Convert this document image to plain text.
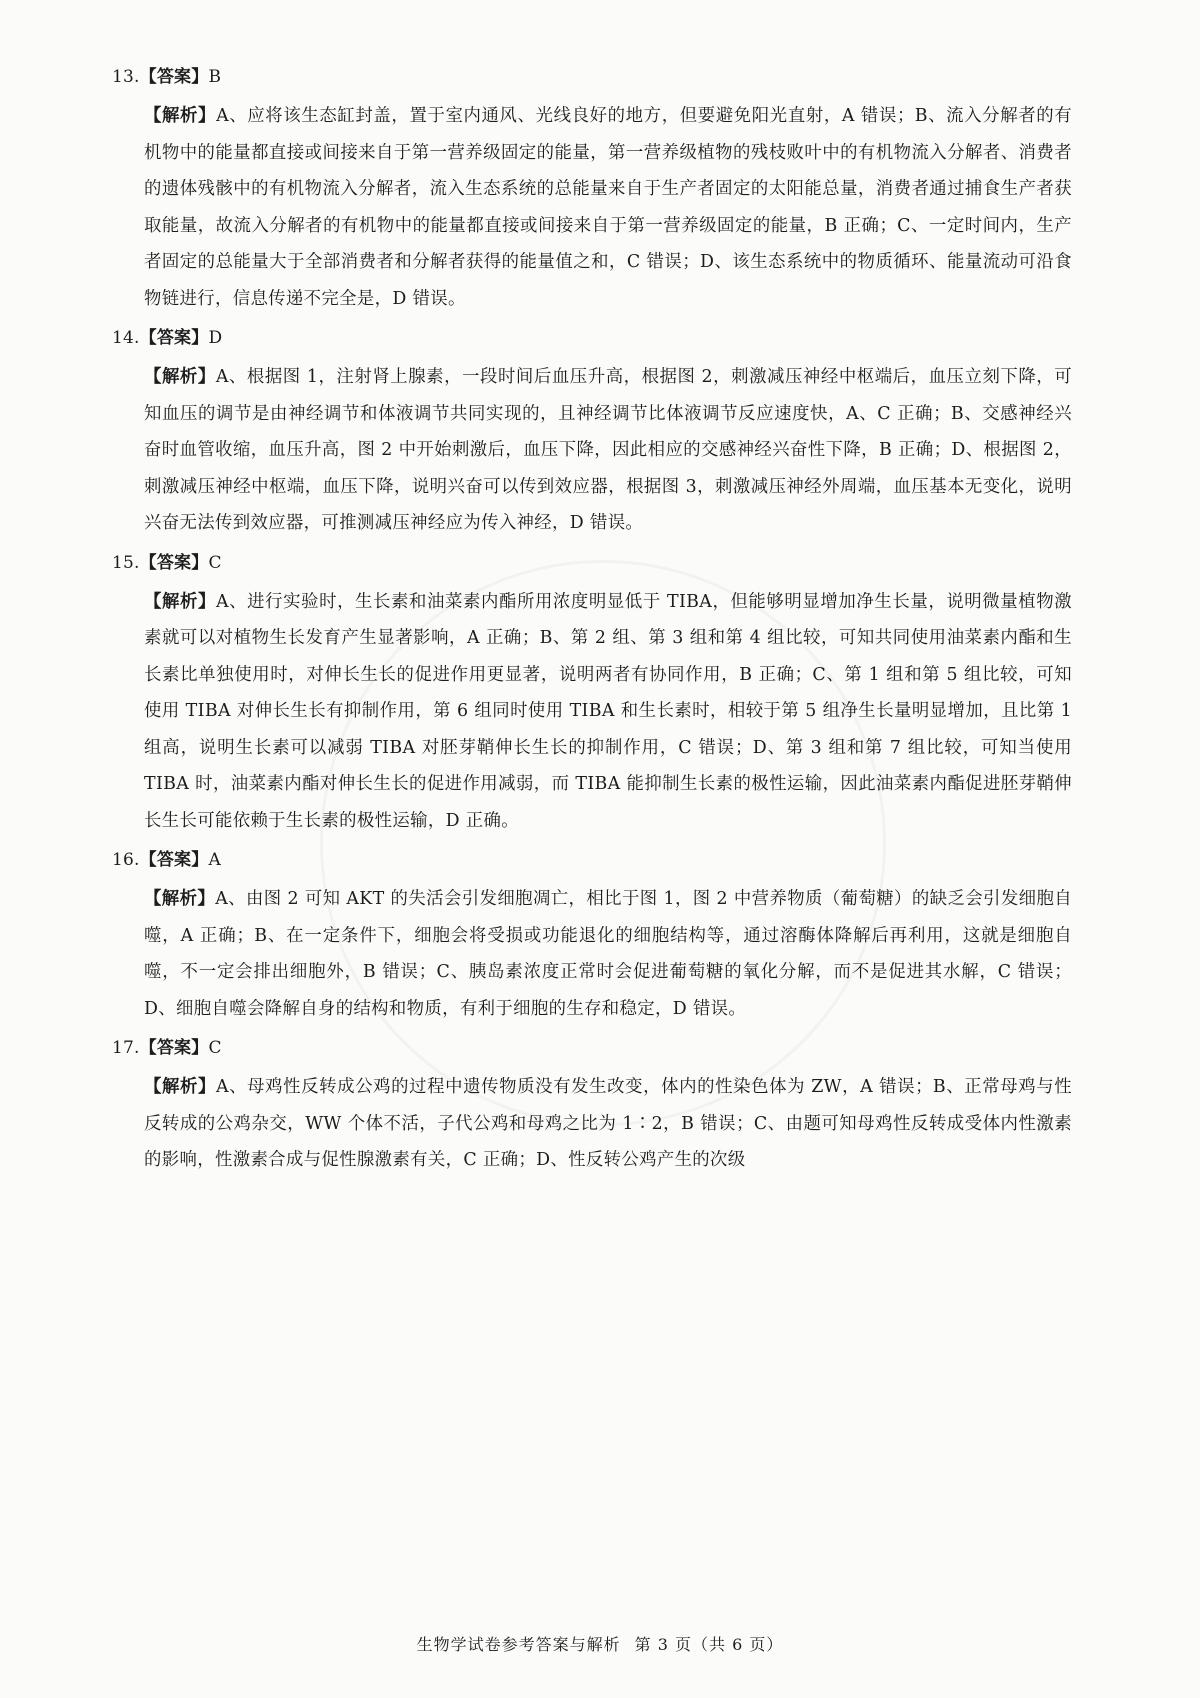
13.【答案】B
【解析】A、应将该生态缸封盖，置于室内通风、光线良好的地方，但要避免阳光直射，A 错误；B、流入分解者的有机物中的能量都直接或间接来自于第一营养级固定的能量，第一营养级植物的残枝败叶中的有机物流入分解者、消费者的遗体残骸中的有机物流入分解者，流入生态系统的总能量来自于生产者固定的太阳能总量，消费者通过捕食生产者获取能量，故流入分解者的有机物中的能量都直接或间接来自于第一营养级固定的能量，B 正确；C、一定时间内，生产者固定的总能量大于全部消费者和分解者获得的能量值之和，C 错误；D、该生态系统中的物质循环、能量流动可沿食物链进行，信息传递不完全是，D 错误。
14.【答案】D
【解析】A、根据图 1，注射肾上腺素，一段时间后血压升高，根据图 2，刺激减压神经中枢端后，血压立刻下降，可知血压的调节是由神经调节和体液调节共同实现的，且神经调节比体液调节反应速度快，A、C 正确；B、交感神经兴奋时血管收缩，血压升高，图 2 中开始刺激后，血压下降，因此相应的交感神经兴奋性下降，B 正确；D、根据图 2，刺激减压神经中枢端，血压下降，说明兴奋可以传到效应器，根据图 3，刺激减压神经外周端，血压基本无变化，说明兴奋无法传到效应器，可推测减压神经应为传入神经，D 错误。
15.【答案】C
【解析】A、进行实验时，生长素和油菜素内酯所用浓度明显低于 TIBA，但能够明显增加净生长量，说明微量植物激素就可以对植物生长发育产生显著影响，A 正确；B、第 2 组、第 3 组和第 4 组比较，可知共同使用油菜素内酯和生长素比单独使用时，对伸长生长的促进作用更显著，说明两者有协同作用，B 正确；C、第 1 组和第 5 组比较，可知使用 TIBA 对伸长生长有抑制作用，第 6 组同时使用 TIBA 和生长素时，相较于第 5 组净生长量明显增加，且比第 1 组高，说明生长素可以减弱 TIBA 对胚芽鞘伸长生长的抑制作用，C 错误；D、第 3 组和第 7 组比较，可知当使用 TIBA 时，油菜素内酯对伸长生长的促进作用减弱，而 TIBA 能抑制生长素的极性运输，因此油菜素内酯促进胚芽鞘伸长生长可能依赖于生长素的极性运输，D 正确。
16.【答案】A
【解析】A、由图 2 可知 AKT 的失活会引发细胞凋亡，相比于图 1，图 2 中营养物质（葡萄糖）的缺乏会引发细胞自噬，A 正确；B、在一定条件下，细胞会将受损或功能退化的细胞结构等，通过溶酶体降解后再利用，这就是细胞自噬，不一定会排出细胞外，B 错误；C、胰岛素浓度正常时会促进葡萄糖的氧化分解，而不是促进其水解，C 错误；D、细胞自噬会降解自身的结构和物质，有利于细胞的生存和稳定，D 错误。
17.【答案】C
【解析】A、母鸡性反转成公鸡的过程中遗传物质没有发生改变，体内的性染色体为 ZW，A 错误；B、正常母鸡与性反转成的公鸡杂交，WW 个体不活，子代公鸡和母鸡之比为 1∶2，B 错误；C、由题可知母鸡性反转成受体内性激素的影响，性激素合成与促性腺激素有关，C 正确；D、性反转公鸡产生的次级
生物学试卷参考答案与解析 第 3 页（共 6 页）
